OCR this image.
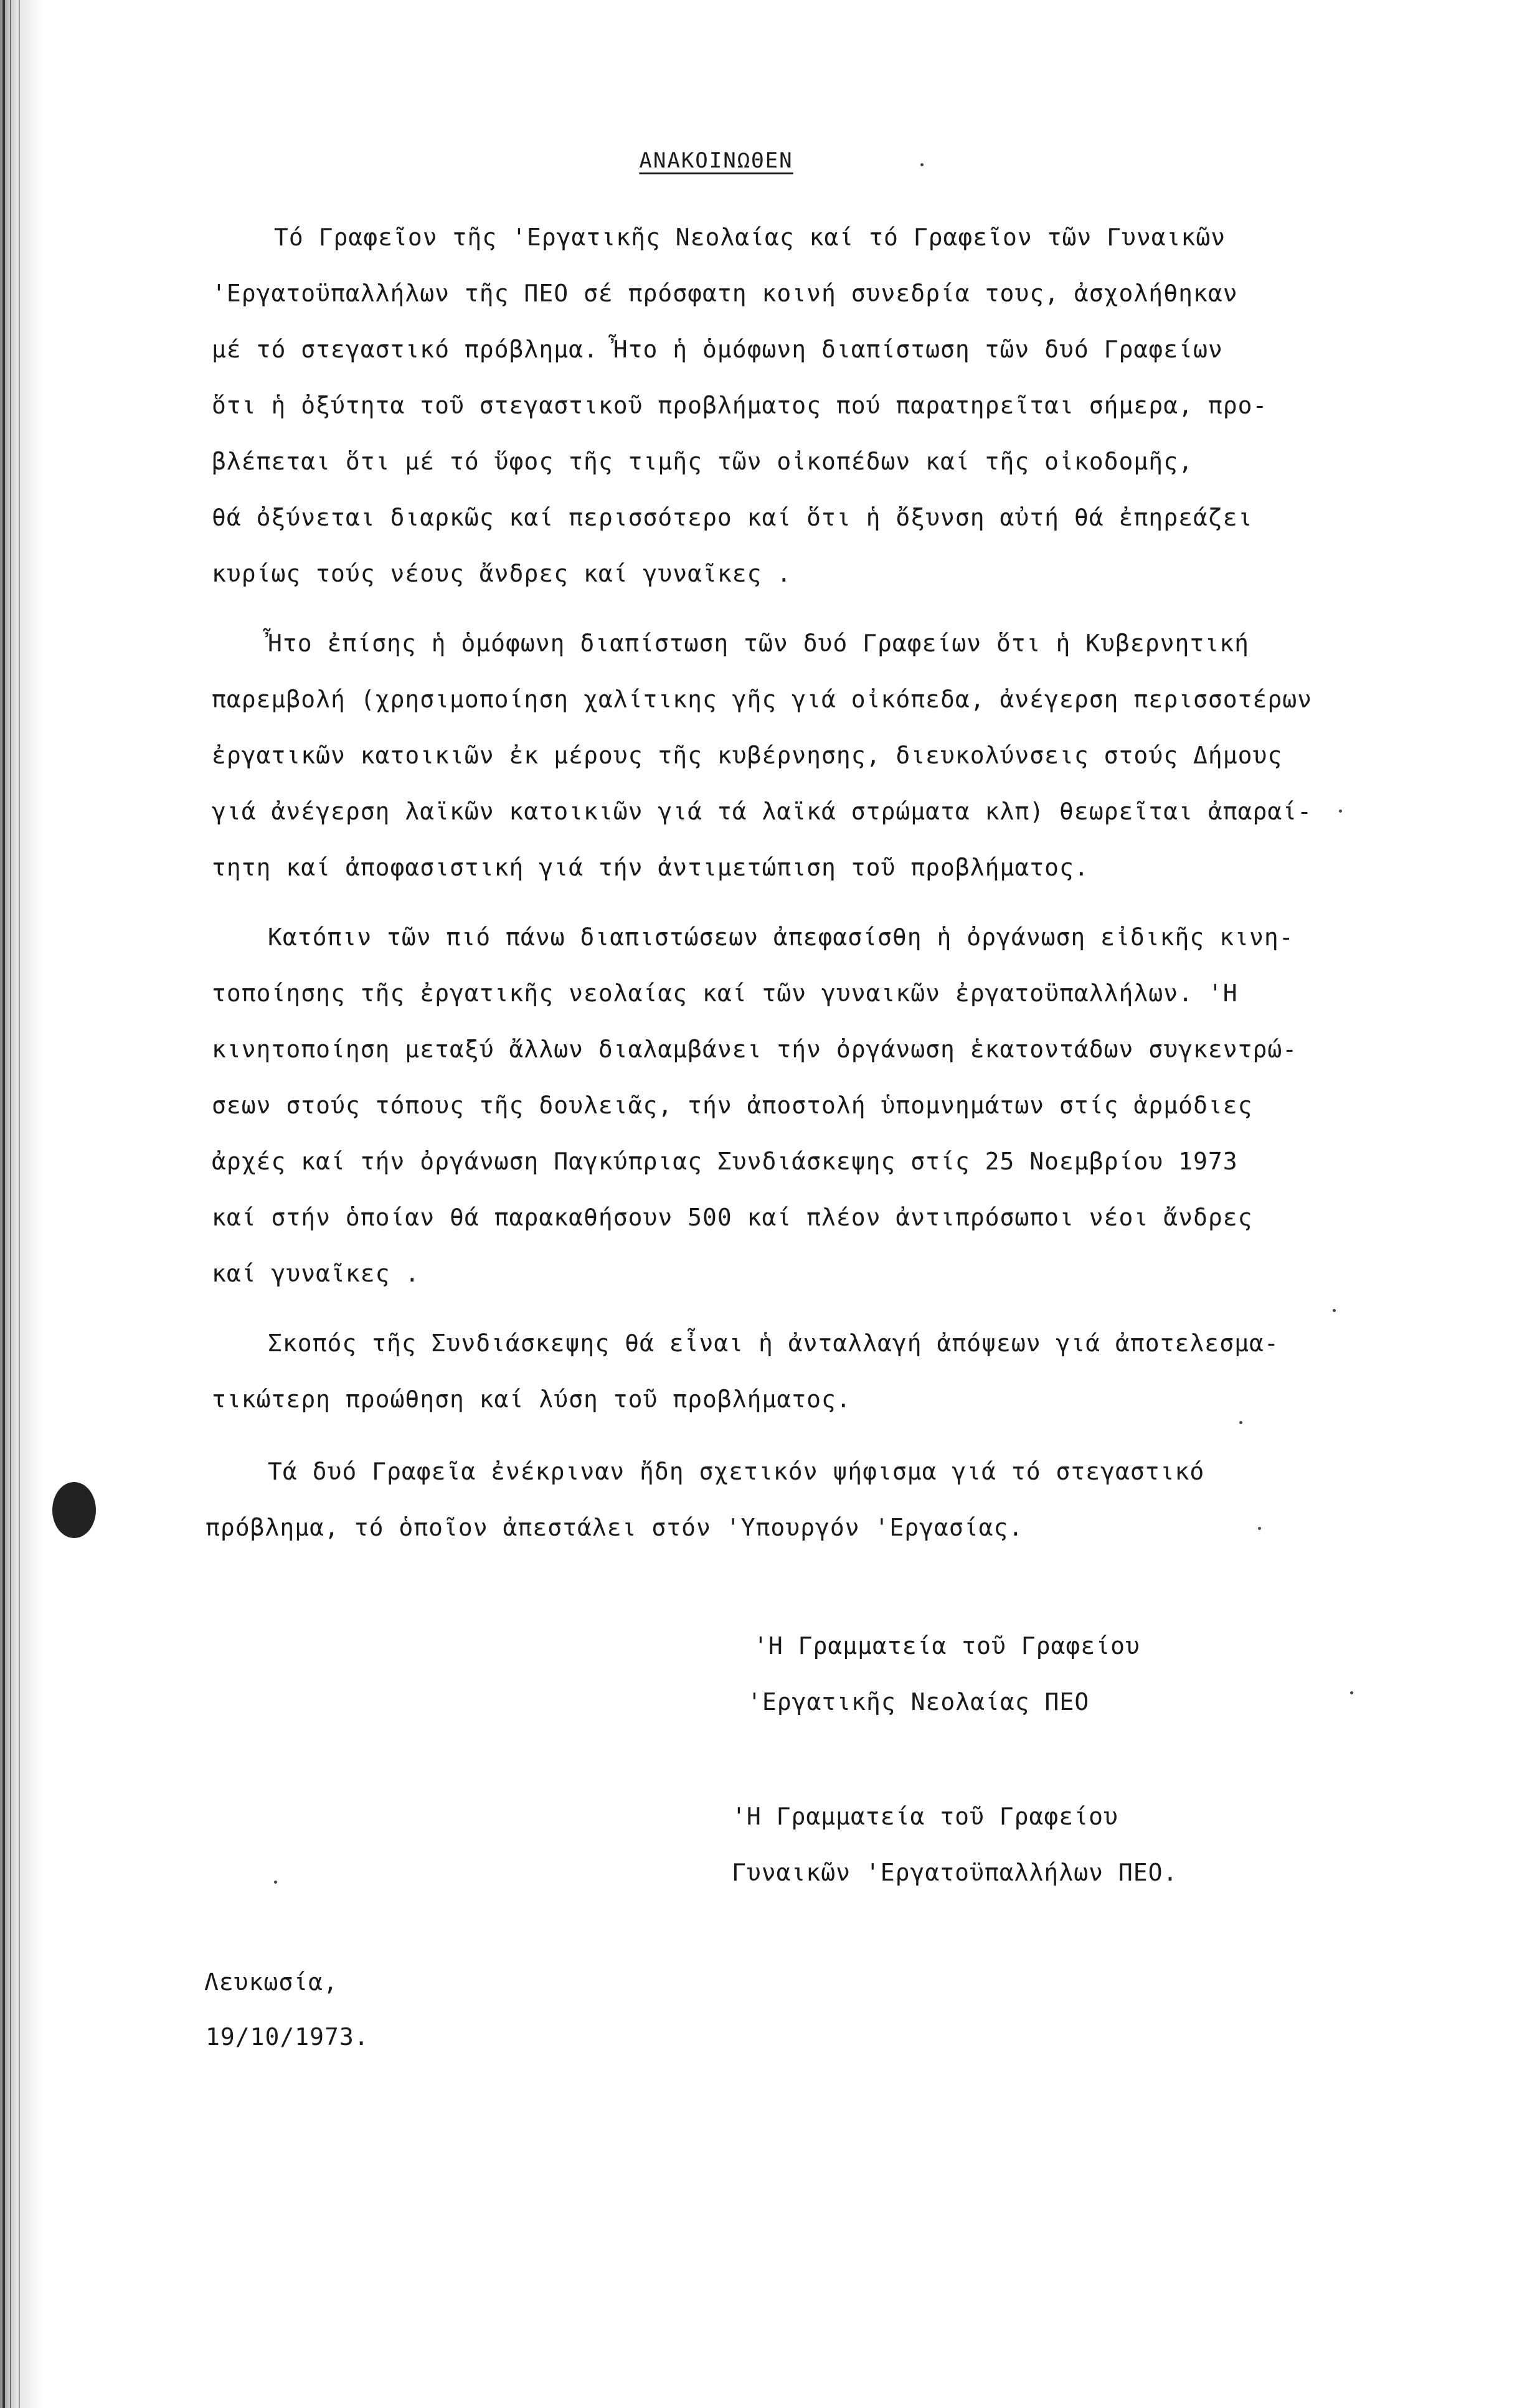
ΑΝΑΚΟΙΝΩΘΕΝ
Τό Γραφεῖον τῆς 'Εργατικῆς Νεολαίας καί τό Γραφεῖον τῶν Γυναικῶν
'Εργατοϋπαλλήλων τῆς ΠΕΟ σέ πρόσφατη κοινή συνεδρία τους, ἀσχολήθηκαν
μέ τό στεγαστικό πρόβλημα. Ἦτο ἡ ὁμόφωνη διαπίστωση τῶν δυό Γραφείων
ὅτι ἡ ὀξύτητα τοῦ στεγαστικοῦ προβλήματος πού παρατηρεῖται σήμερα, προ-
βλέπεται ὅτι μέ τό ὕφος τῆς τιμῆς τῶν οἰκοπέδων καί τῆς οἰκοδομῆς,
θά ὀξύνεται διαρκῶς καί περισσότερο καί ὅτι ἡ ὄξυνση αὐτή θά ἐπηρεάζει
κυρίως τούς νέους ἄνδρες καί γυναῖκες .
Ἦτο ἐπίσης ἡ ὁμόφωνη διαπίστωση τῶν δυό Γραφείων ὅτι ἡ Κυβερνητική
παρεμβολή (χρησιμοποίηση χαλίτικης γῆς γιά οἰκόπεδα, ἀνέγερση περισσοτέρων
ἐργατικῶν κατοικιῶν ἐκ μέρους τῆς κυβέρνησης, διευκολύνσεις στούς Δήμους
γιά ἀνέγερση λαϊκῶν κατοικιῶν γιά τά λαϊκά στρώματα κλπ) θεωρεῖται ἀπαραί-
τητη καί ἀποφασιστική γιά τήν ἀντιμετώπιση τοῦ προβλήματος.
Κατόπιν τῶν πιό πάνω διαπιστώσεων ἀπεφασίσθη ἡ ὀργάνωση εἰδικῆς κινη-
τοποίησης τῆς ἐργατικῆς νεολαίας καί τῶν γυναικῶν ἐργατοϋπαλλήλων. 'Η
κινητοποίηση μεταξύ ἄλλων διαλαμβάνει τήν ὀργάνωση ἑκατοντάδων συγκεντρώ-
σεων στούς τόπους τῆς δουλειᾶς, τήν ἀποστολή ὑπομνημάτων στίς ἁρμόδιες
ἀρχές καί τήν ὀργάνωση Παγκύπριας Συνδιάσκεψης στίς 25 Νοεμβρίου 1973
καί στήν ὁποίαν θά παρακαθήσουν 500 καί πλέον ἀντιπρόσωποι νέοι ἄνδρες
καί γυναῖκες .
Σκοπός τῆς Συνδιάσκεψης θά εἶναι ἡ ἀνταλλαγή ἀπόψεων γιά ἀποτελεσμα-
τικώτερη προώθηση καί λύση τοῦ προβλήματος.
Τά δυό Γραφεῖα ἐνέκριναν ἤδη σχετικόν ψήφισμα γιά τό στεγαστικό
πρόβλημα, τό ὁποῖον ἀπεστάλει στόν 'Υπουργόν 'Εργασίας.
'Η Γραμματεία τοῦ Γραφείου
'Εργατικῆς Νεολαίας ΠΕΟ
'Η Γραμματεία τοῦ Γραφείου
Γυναικῶν 'Εργατοϋπαλλήλων ΠΕΟ.
Λευκωσία,
19/10/1973.
